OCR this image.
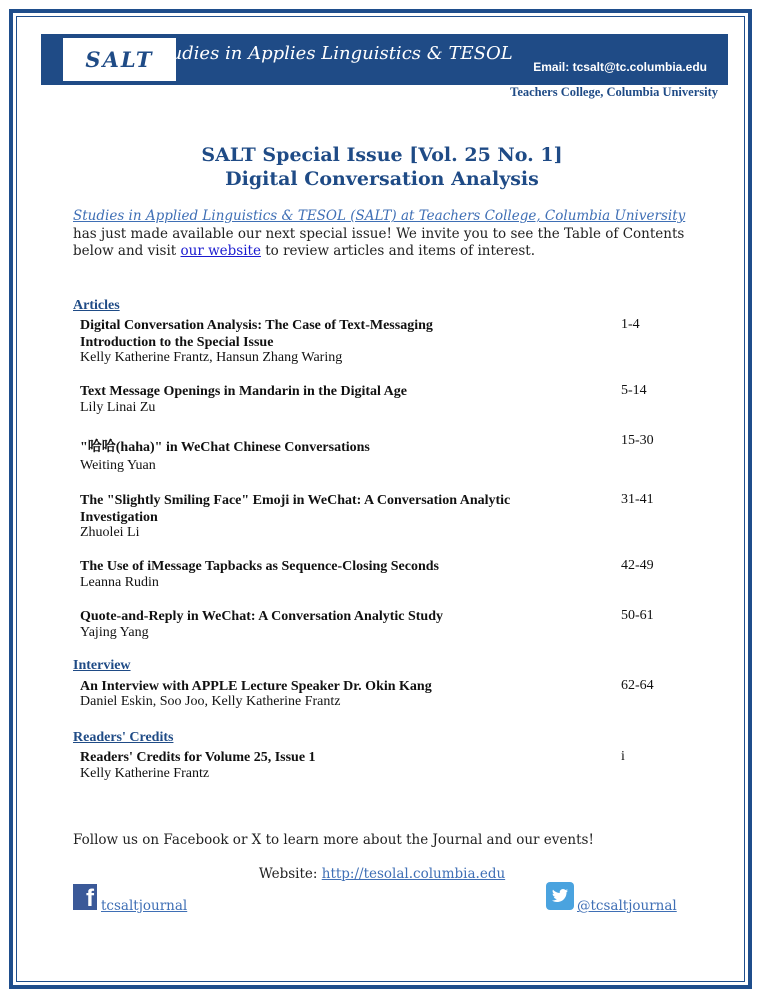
SALT
Studies in Applies Linguistics & TESOL
Email: tcsalt@tc.columbia.edu
Teachers College, Columbia University
SALT Special Issue [Vol. 25 No. 1]
Digital Conversation Analysis
Studies in Applied Linguistics & TESOL (SALT) at Teachers College, Columbia University has just made available our next special issue! We invite you to see the Table of Contents below and visit our website to review articles and items of interest.
Articles
Digital Conversation Analysis: The Case of Text-Messaging Introduction to the Special Issue
Kelly Katherine Frantz, Hansun Zhang Waring
1-4
Text Message Openings in Mandarin in the Digital Age
Lily Linai Zu
5-14
"哈哈(haha)" in WeChat Chinese Conversations
Weiting Yuan
15-30
The "Slightly Smiling Face" Emoji in WeChat: A Conversation Analytic Investigation
Zhuolei Li
31-41
The Use of iMessage Tapbacks as Sequence-Closing Seconds
Leanna Rudin
42-49
Quote-and-Reply in WeChat: A Conversation Analytic Study
Yajing Yang
50-61
Interview
An Interview with APPLE Lecture Speaker Dr. Okin Kang
Daniel Eskin, Soo Joo, Kelly Katherine Frantz
62-64
Readers' Credits
Readers' Credits for Volume 25, Issue 1
Kelly Katherine Frantz
i
Follow us on Facebook or X to learn more about the Journal and our events!
Website: http://tesolal.columbia.edu
f tcsaltjournal	@tcsaltjournal
